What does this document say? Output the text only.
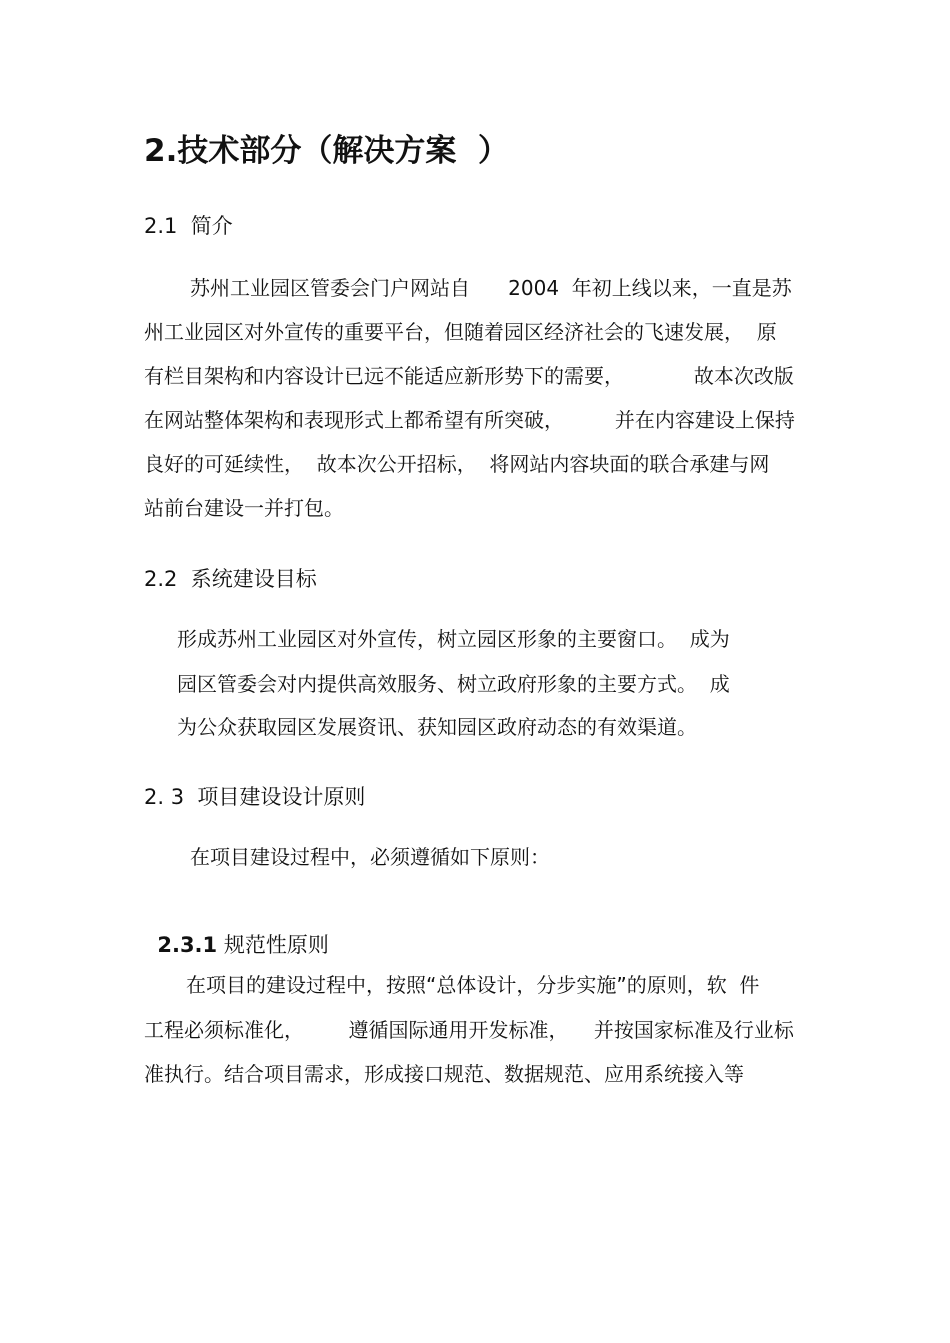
2.技术部分（解决方案  ）
2.1  简介
苏州工业园区管委会门户网站自      2004  年初上线以来，一直是苏
州工业园区对外宣传的重要平台，但随着园区经济社会的飞速发展，  原
有栏目架构和内容设计已远不能适应新形势下的需要，           故本次改版
在网站整体架构和表现形式上都希望有所突破，        并在内容建设上保持
良好的可延续性，  故本次公开招标，  将网站内容块面的联合承建与网
站前台建设一并打包。
2.2  系统建设目标
形成苏州工业园区对外宣传，树立园区形象的主要窗口。  成为
园区管委会对内提供高效服务、树立政府形象的主要方式。  成
为公众获取园区发展资讯、获知园区政府动态的有效渠道。
2. 3  项目建设设计原则
在项目建设过程中，必须遵循如下原则：

2.3.1 规范性原则

在项目的建设过程中，按照“总体设计，分步实施”的原则，软  件
工程必须标准化，       遵循国际通用开发标准，    并按国家标准及行业标
准执行。结合项目需求，形成接口规范、数据规范、应用系统接入等
